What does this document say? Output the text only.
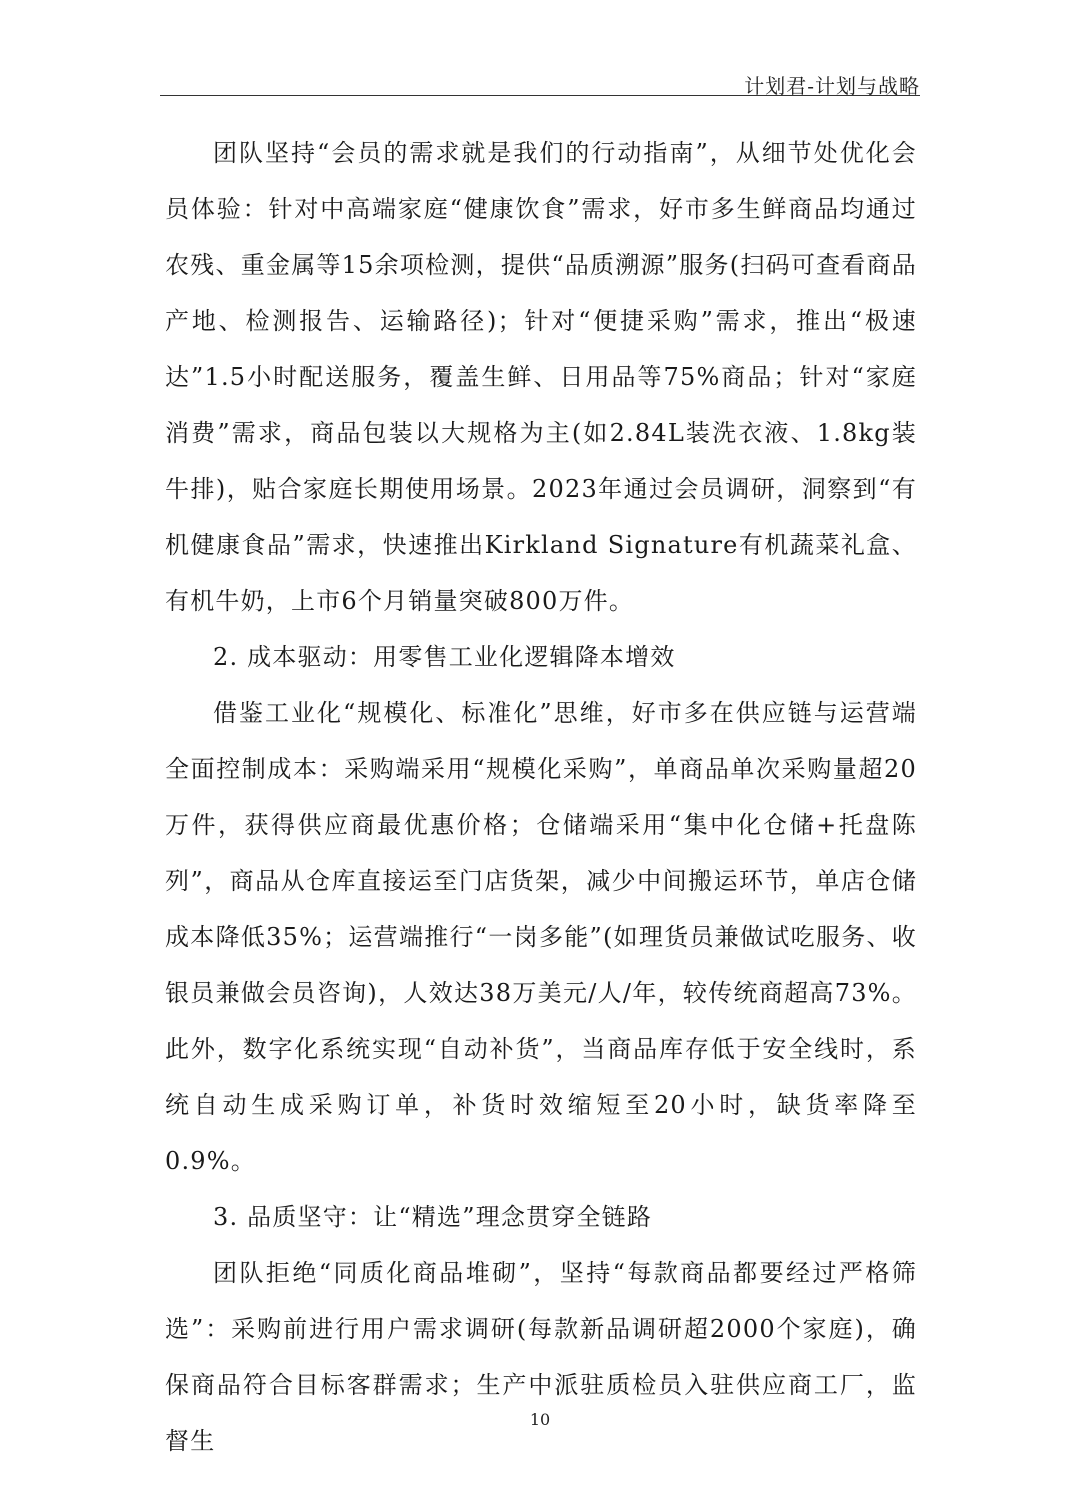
计划君-计划与战略

团队坚持“会员的需求就是我们的行动指南”，从细节处优化会员体验：针对中高端家庭“健康饮食”需求，好市多生鲜商品均通过农残、重金属等15余项检测，提供“品质溯源”服务(扫码可查看商品产地、检测报告、运输路径)；针对“便捷采购”需求，推出“极速达”1.5小时配送服务，覆盖生鲜、日用品等75%商品；针对“家庭消费”需求，商品包装以大规格为主(如2.84L装洗衣液、1.8kg装牛排)，贴合家庭长期使用场景。2023年通过会员调研，洞察到“有机健康食品”需求，快速推出Kirkland Signature有机蔬菜礼盒、有机牛奶，上市6个月销量突破800万件。

2. 成本驱动：用零售工业化逻辑降本增效

借鉴工业化“规模化、标准化”思维，好市多在供应链与运营端全面控制成本：采购端采用“规模化采购”，单商品单次采购量超20万件，获得供应商最优惠价格；仓储端采用“集中化仓储+托盘陈列”，商品从仓库直接运至门店货架，减少中间搬运环节，单店仓储成本降低35%；运营端推行“一岗多能”(如理货员兼做试吃服务、收银员兼做会员咨询)，人效达38万美元/人/年，较传统商超高73%。此外，数字化系统实现“自动补货”，当商品库存低于安全线时，系统自动生成采购订单，补货时效缩短至20小时，缺货率降至0.9%。

3. 品质坚守：让“精选”理念贯穿全链路

团队拒绝“同质化商品堆砌”，坚持“每款商品都要经过严格筛选”：采购前进行用户需求调研(每款新品调研超2000个家庭)，确保商品符合目标客群需求；生产中派驻质检员入驻供应商工厂，监督生

10
